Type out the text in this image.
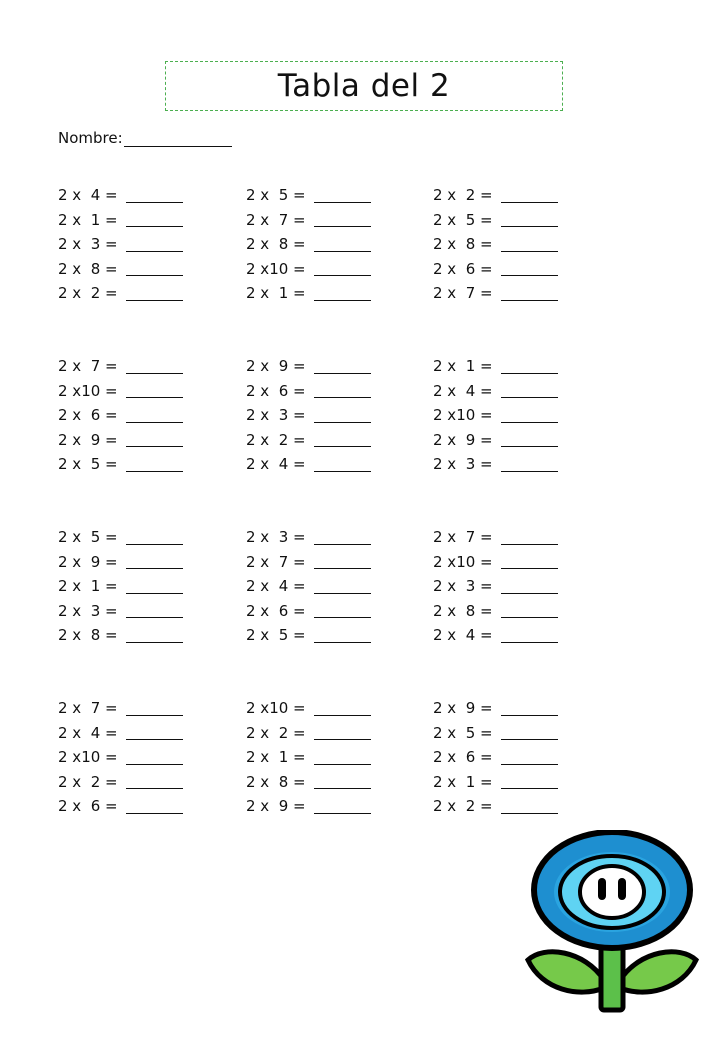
Tabla del 2
Nombre:
2 x  4 =
2 x  1 =
2 x  3 =
2 x  8 =
2 x  2 =
2 x  5 =
2 x  7 =
2 x  8 =
2 x10 =
2 x  1 =
2 x  2 =
2 x  5 =
2 x  8 =
2 x  6 =
2 x  7 =
2 x  7 =
2 x10 =
2 x  6 =
2 x  9 =
2 x  5 =
2 x  9 =
2 x  6 =
2 x  3 =
2 x  2 =
2 x  4 =
2 x  1 =
2 x  4 =
2 x10 =
2 x  9 =
2 x  3 =
2 x  5 =
2 x  9 =
2 x  1 =
2 x  3 =
2 x  8 =
2 x  3 =
2 x  7 =
2 x  4 =
2 x  6 =
2 x  5 =
2 x  7 =
2 x10 =
2 x  3 =
2 x  8 =
2 x  4 =
2 x  7 =
2 x  4 =
2 x10 =
2 x  2 =
2 x  6 =
2 x10 =
2 x  2 =
2 x  1 =
2 x  8 =
2 x  9 =
2 x  9 =
2 x  5 =
2 x  6 =
2 x  1 =
2 x  2 =
